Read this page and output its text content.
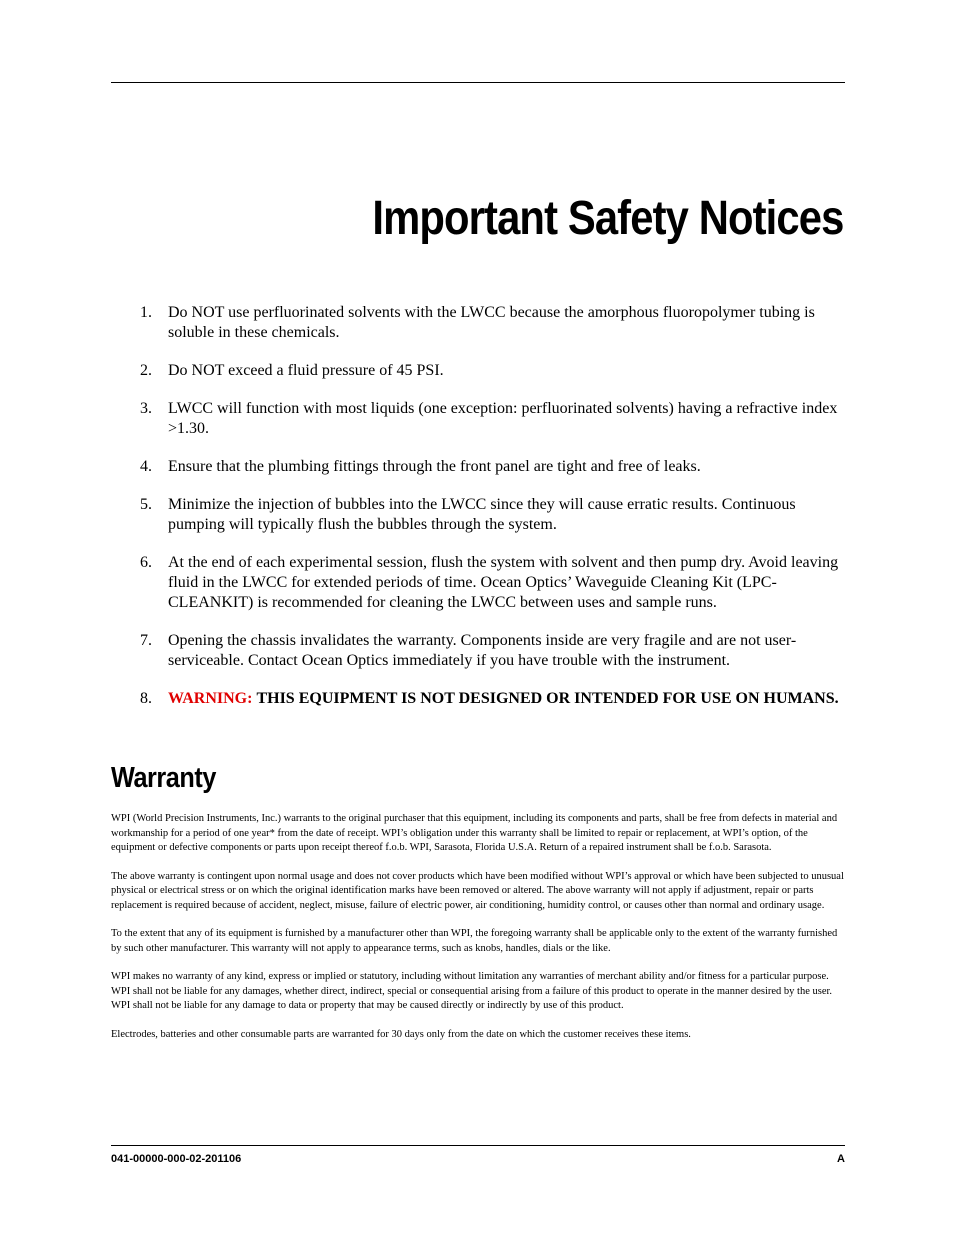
Important Safety Notices
1.	Do NOT use perfluorinated solvents with the LWCC because the amorphous fluoropolymer tubing is soluble in these chemicals.
2.	Do NOT exceed a fluid pressure of 45 PSI.
3.	LWCC will function with most liquids (one exception: perfluorinated solvents) having a refractive index >1.30.
4.	Ensure that the plumbing fittings through the front panel are tight and free of leaks.
5.	Minimize the injection of bubbles into the LWCC since they will cause erratic results. Continuous pumping will typically flush the bubbles through the system.
6.	At the end of each experimental session, flush the system with solvent and then pump dry. Avoid leaving fluid in the LWCC for extended periods of time. Ocean Optics’ Waveguide Cleaning Kit (LPC-CLEANKIT) is recommended for cleaning the LWCC between uses and sample runs.
7.	Opening the chassis invalidates the warranty. Components inside are very fragile and are not user-serviceable. Contact Ocean Optics immediately if you have trouble with the instrument.
8.	WARNING: THIS EQUIPMENT IS NOT DESIGNED OR INTENDED FOR USE ON HUMANS.
Warranty

WPI (World Precision Instruments, Inc.) warrants to the original purchaser that this equipment, including its components and parts, shall be free from defects in material and workmanship for a period of one year* from the date of receipt. WPI’s obligation under this warranty shall be limited to repair or replacement, at WPI’s option, of the equipment or defective components or parts upon receipt thereof f.o.b. WPI, Sarasota, Florida U.S.A. Return of a repaired instrument shall be f.o.b. Sarasota.

The above warranty is contingent upon normal usage and does not cover products which have been modified without WPI’s approval or which have been subjected to unusual physical or electrical stress or on which the original identification marks have been removed or altered. The above warranty will not apply if adjustment, repair or parts replacement is required because of accident, neglect, misuse, failure of electric power, air conditioning, humidity control, or causes other than normal and ordinary usage.

To the extent that any of its equipment is furnished by a manufacturer other than WPI, the foregoing warranty shall be applicable only to the extent of the warranty furnished by such other manufacturer. This warranty will not apply to appearance terms, such as knobs, handles, dials or the like.

WPI makes no warranty of any kind, express or implied or statutory, including without limitation any warranties of merchant ability and/or fitness for a particular purpose. WPI shall not be liable for any damages, whether direct, indirect, special or consequential arising from a failure of this product to operate in the manner desired by the user. WPI shall not be liable for any damage to data or property that may be caused directly or indirectly by use of this product.

Electrodes, batteries and other consumable parts are warranted for 30 days only from the date on which the customer receives these items.

041-00000-000-02-201106	A
